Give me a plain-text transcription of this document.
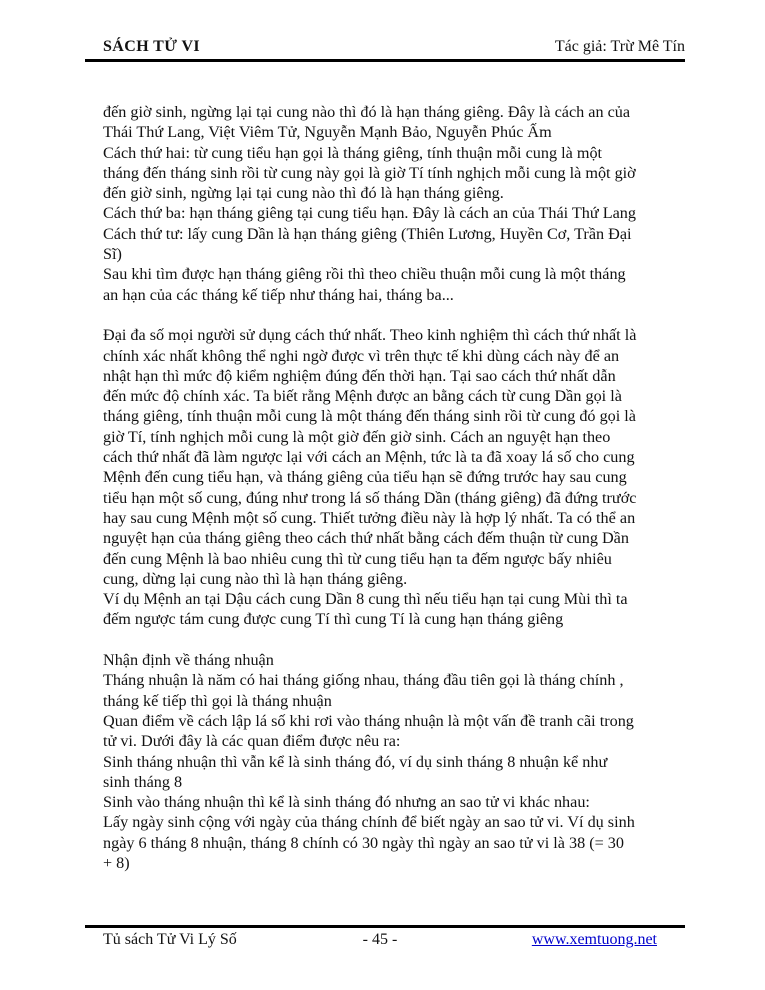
SÁCH TỬ VI	Tác giả: Trừ Mê Tín
đến giờ sinh, ngừng lại tại cung nào thì đó là hạn tháng giêng. Đây là cách an của
Thái Thứ Lang, Việt Viêm Tử, Nguyễn Mạnh Bảo, Nguyễn Phúc Ấm
Cách thứ hai: từ cung tiểu hạn gọi là tháng giêng, tính thuận mỗi cung là một
tháng đến tháng sinh rồi từ cung này gọi là giờ Tí tính nghịch mỗi cung là một giờ
đến giờ sinh, ngừng lại tại cung nào thì đó là hạn tháng giêng.
Cách thứ ba: hạn tháng giêng tại cung tiểu hạn. Đây là cách an của Thái Thứ Lang
Cách thứ tư: lấy cung Dần là hạn tháng giêng (Thiên Lương, Huyền Cơ, Trần Đại
Sĩ)
Sau khi tìm được hạn tháng giêng rồi thì theo chiều thuận mỗi cung là một tháng
an hạn của các tháng kế tiếp như tháng hai, tháng ba...
Đại đa số mọi người sử dụng cách thứ nhất. Theo kinh nghiệm thì cách thứ nhất là
chính xác nhất không thể nghi ngờ được vì trên thực tế khi dùng cách này để an
nhật hạn thì mức độ kiểm nghiệm đúng đến thời hạn. Tại sao cách thứ nhất dẫn
đến mức độ chính xác. Ta biết rằng Mệnh được an bằng cách từ cung Dần gọi là
tháng giêng, tính thuận mỗi cung là một tháng đến tháng sinh rồi từ cung đó gọi là
giờ Tí, tính nghịch mỗi cung là một giờ đến giờ sinh. Cách an nguyệt hạn theo
cách thứ nhất đã làm ngược lại với cách an Mệnh, tức là ta đã xoay lá số cho cung
Mệnh đến cung tiểu hạn, và tháng giêng của tiểu hạn sẽ đứng trước hay sau cung
tiểu hạn một số cung, đúng như trong lá số tháng Dần (tháng giêng) đã đứng trước
hay sau cung Mệnh một số cung. Thiết tưởng điều này là hợp lý nhất. Ta có thể an
nguyệt hạn của tháng giêng theo cách thứ nhất bằng cách đếm thuận từ cung Dần
đến cung Mệnh là bao nhiêu cung thì từ cung tiểu hạn ta đếm ngược bấy nhiêu
cung, dừng lại cung nào thì là hạn tháng giêng.
Ví dụ Mệnh an tại Dậu cách cung Dần 8 cung thì nếu tiểu hạn tại cung Mùi thì ta
đếm ngược tám cung được cung Tí thì cung Tí là cung hạn tháng giêng
Nhận định về tháng nhuận
Tháng nhuận là năm có hai tháng giống nhau, tháng đầu tiên gọi là tháng chính ,
tháng kế tiếp thì gọi là tháng nhuận
Quan điểm về cách lập lá số khi rơi vào tháng nhuận là một vấn đề tranh cãi trong
tử vi. Dưới đây là các quan điểm được nêu ra:
Sinh tháng nhuận thì vẫn kể là sinh tháng đó, ví dụ sinh tháng 8 nhuận kể như
sinh tháng 8
Sinh vào tháng nhuận thì kể là sinh tháng đó nhưng an sao tử vi khác nhau:
Lấy ngày sinh cộng với ngày của tháng chính để biết ngày an sao tử vi. Ví dụ sinh
ngày 6 tháng 8 nhuận, tháng 8 chính có 30 ngày thì ngày an sao tử vi là 38 (= 30
+ 8)
Tủ sách Tử Vi Lý Số	- 45 -	www.xemtuong.net
